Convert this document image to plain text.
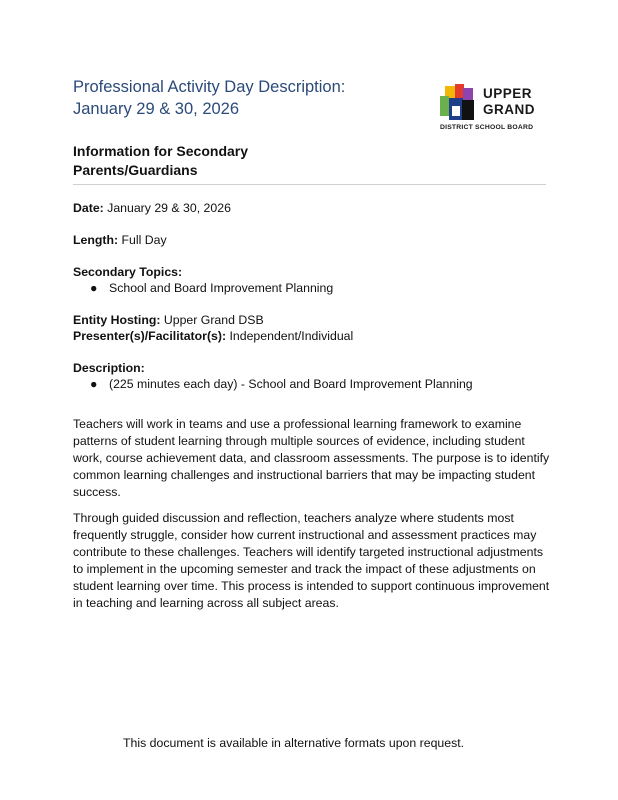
Professional Activity Day Description:
January 29 & 30, 2026
UPPER
GRAND
DISTRICT SCHOOL BOARD
Information for Secondary
Parents/Guardians
Date: January 29 & 30, 2026
Length: Full Day
Secondary Topics:
● School and Board Improvement Planning
Entity Hosting: Upper Grand DSB
Presenter(s)/Facilitator(s): Independent/Individual
Description:
● (225 minutes each day) - School and Board Improvement Planning
Teachers will work in teams and use a professional learning framework to examine patterns of student learning through multiple sources of evidence, including student work, course achievement data, and classroom assessments. The purpose is to identify common learning challenges and instructional barriers that may be impacting student success.
Through guided discussion and reflection, teachers analyze where students most frequently struggle, consider how current instructional and assessment practices may contribute to these challenges. Teachers will identify targeted instructional adjustments to implement in the upcoming semester and track the impact of these adjustments on student learning over time. This process is intended to support continuous improvement in teaching and learning across all subject areas.
This document is available in alternative formats upon request.
